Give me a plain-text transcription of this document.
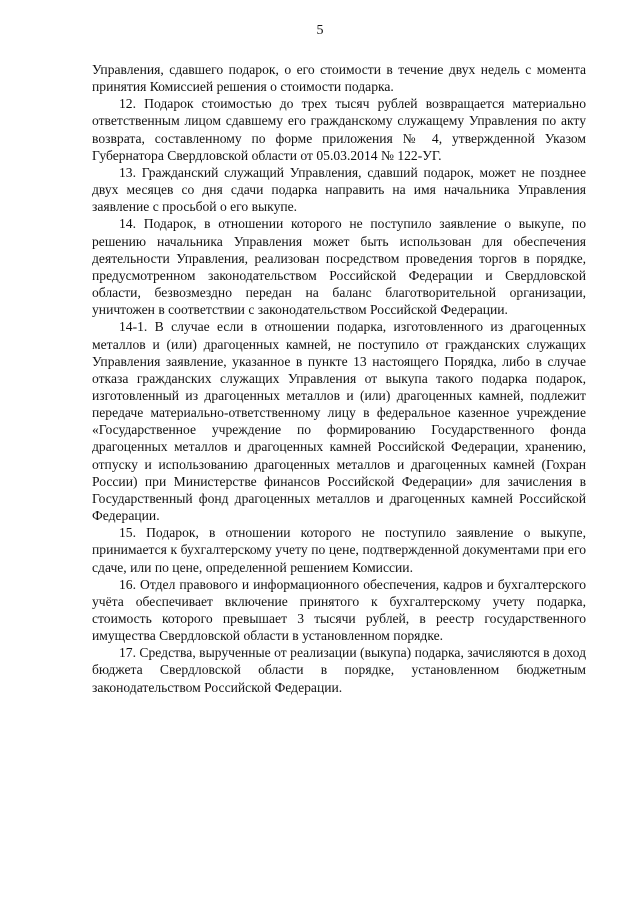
5

Управления, сдавшего подарок, о его стоимости в течение двух недель с момента принятия Комиссией решения о стоимости подарка.

12. Подарок стоимостью до трех тысяч рублей возвращается материально ответственным лицом сдавшему его гражданскому служащему Управления по акту возврата, составленному по форме приложения № 4, утвержденной Указом Губернатора Свердловской области от 05.03.2014 № 122-УГ.

13. Гражданский служащий Управления, сдавший подарок, может не позднее двух месяцев со дня сдачи подарка направить на имя начальника Управления заявление с просьбой о его выкупе.

14. Подарок, в отношении которого не поступило заявление о выкупе, по решению начальника Управления может быть использован для обеспечения деятельности Управления, реализован посредством проведения торгов в порядке, предусмотренном законодательством Российской Федерации и Свердловской области, безвозмездно передан на баланс благотворительной организации, уничтожен в соответствии с законодательством Российской Федерации.

14-1. В случае если в отношении подарка, изготовленного из драгоценных металлов и (или) драгоценных камней, не поступило от гражданских служащих Управления заявление, указанное в пункте 13 настоящего Порядка, либо в случае отказа гражданских служащих Управления от выкупа такого подарка подарок, изготовленный из драгоценных металлов и (или) драгоценных камней, подлежит передаче материально-ответственному лицу в федеральное казенное учреждение «Государственное учреждение по формированию Государственного фонда драгоценных металлов и драгоценных камней Российской Федерации, хранению, отпуску и использованию драгоценных металлов и драгоценных камней (Гохран России) при Министерстве финансов Российской Федерации» для зачисления в Государственный фонд драгоценных металлов и драгоценных камней Российской Федерации.

15. Подарок, в отношении которого не поступило заявление о выкупе, принимается к бухгалтерскому учету по цене, подтвержденной документами при его сдаче, или по цене, определенной решением Комиссии.

16. Отдел правового и информационного обеспечения, кадров и бухгалтерского учёта обеспечивает включение принятого к бухгалтерскому учету подарка, стоимость которого превышает 3 тысячи рублей, в реестр государственного имущества Свердловской области в установленном порядке.

17. Средства, вырученные от реализации (выкупа) подарка, зачисляются в доход бюджета Свердловской области в порядке, установленном бюджетным законодательством Российской Федерации.
